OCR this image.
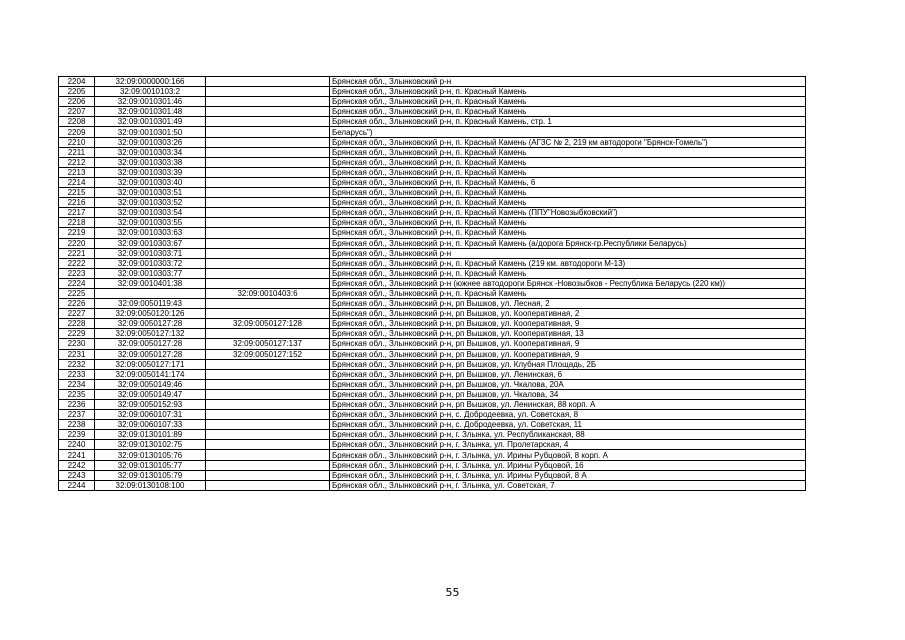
2204	32:09:0000000:166		Брянская обл., Злынковский р-н
2205	32:09:0010103:2		Брянская обл., Злынковский р-н, п. Красный Камень
2206	32:09:0010301:46		Брянская обл., Злынковский р-н, п. Красный Камень
2207	32:09:0010301:48		Брянская обл., Злынковский р-н, п. Красный Камень
2208	32:09:0010301:49		Брянская обл., Злынковский р-н, п. Красный Камень, стр. 1
2209	32:09:0010301:50		Беларусь")
2210	32:09:0010303:26		Брянская обл., Злынковский р-н, п. Красный Камень (АГЗС № 2, 219 км автодороги "Брянск-Гомель")
2211	32:09:0010303:34		Брянская обл., Злынковский р-н, п. Красный Камень
2212	32:09:0010303:38		Брянская обл., Злынковский р-н, п. Красный Камень
2213	32:09:0010303:39		Брянская обл., Злынковский р-н, п. Красный Камень
2214	32:09:0010303:40		Брянская обл., Злынковский р-н, п. Красный Камень, 6
2215	32:09:0010303:51		Брянская обл., Злынковский р-н, п. Красный Камень
2216	32:09:0010303:52		Брянская обл., Злынковский р-н, п. Красный Камень
2217	32:09:0010303:54		Брянская обл., Злынковский р-н, п. Красный Камень (ППУ"Новозыбковский")
2218	32:09:0010303:55		Брянская обл., Злынковский р-н, п. Красный Камень
2219	32:09:0010303:63		Брянская обл., Злынковский р-н, п. Красный Камень
2220	32:09:0010303:67		Брянская обл., Злынковский р-н, п. Красный Камень (а/дорога Брянск-гр.Республики Беларусь)
2221	32:09:0010303:71		Брянская обл., Злынковский р-н
2222	32:09:0010303:72		Брянская обл., Злынковский р-н, п. Красный Камень (219 км. автодороги М-13)
2223	32:09:0010303:77		Брянская обл., Злынковский р-н, п. Красный Камень
2224	32:09:0010401:38		Брянская обл., Злынковский р-н (южнее автодороги Брянск -Новозыбков - Республика Беларусь (220 км))
2225		32:09:0010403:6	Брянская обл., Злынковский р-н, п. Красный Камень
2226	32:09:0050119:43		Брянская обл., Злынковский р-н, рп Вышков, ул. Лесная, 2
2227	32:09:0050120:126		Брянская обл., Злынковский р-н, рп Вышков, ул. Кооперативная, 2
2228	32:09:0050127:28	32:09:0050127:128	Брянская обл., Злынковский р-н, рп Вышков, ул. Кооперативная, 9
2229	32:09:0050127:132		Брянская обл., Злынковский р-н, рп Вышков, ул. Кооперативная, 13
2230	32:09:0050127:28	32:09:0050127:137	Брянская обл., Злынковский р-н, рп Вышков, ул. Кооперативная, 9
2231	32:09:0050127:28	32:09:0050127:152	Брянская обл., Злынковский р-н, рп Вышков, ул. Кооперативная, 9
2232	32:09:0050127:171		Брянская обл., Злынковский р-н, рп Вышков, ул. Клубная Площадь, 2Б
2233	32:09:0050141:174		Брянская обл., Злынковский р-н, рп Вышков, ул. Ленинская, 6
2234	32:09:0050149:46		Брянская обл., Злынковский р-н, рп Вышков, ул. Чкалова, 20А
2235	32:09:0050149:47		Брянская обл., Злынковский р-н, рп Вышков, ул. Чкалова, 34
2236	32:09:0050152:93		Брянская обл., Злынковский р-н, рп Вышков, ул. Ленинская, 88 корп. А
2237	32:09:0060107:31		Брянская обл., Злынковский р-н, с. Добродеевка, ул. Советская, 8
2238	32:09:0060107:33		Брянская обл., Злынковский р-н, с. Добродеевка, ул. Советская, 11
2239	32:09:0130101:89		Брянская обл., Злынковский р-н, г. Злынка, ул. Республиканская, 88
2240	32:09:0130102:75		Брянская обл., Злынковский р-н, г. Злынка, ул. Пролетарская, 4
2241	32:09:0130105:76		Брянская обл., Злынковский р-н, г. Злынка, ул. Ирины Рубцовой, 8 корп. А
2242	32:09:0130105:77		Брянская обл., Злынковский р-н, г. Злынка, ул. Ирины Рубцовой, 16
2243	32:09:0130105:79		Брянская обл., Злынковский р-н, г. Злынка, ул. Ирины Рубцовой, 8 А
2244	32:09:0130108:100		Брянская обл., Злынковский р-н, г. Злынка, ул. Советская, 7
55
